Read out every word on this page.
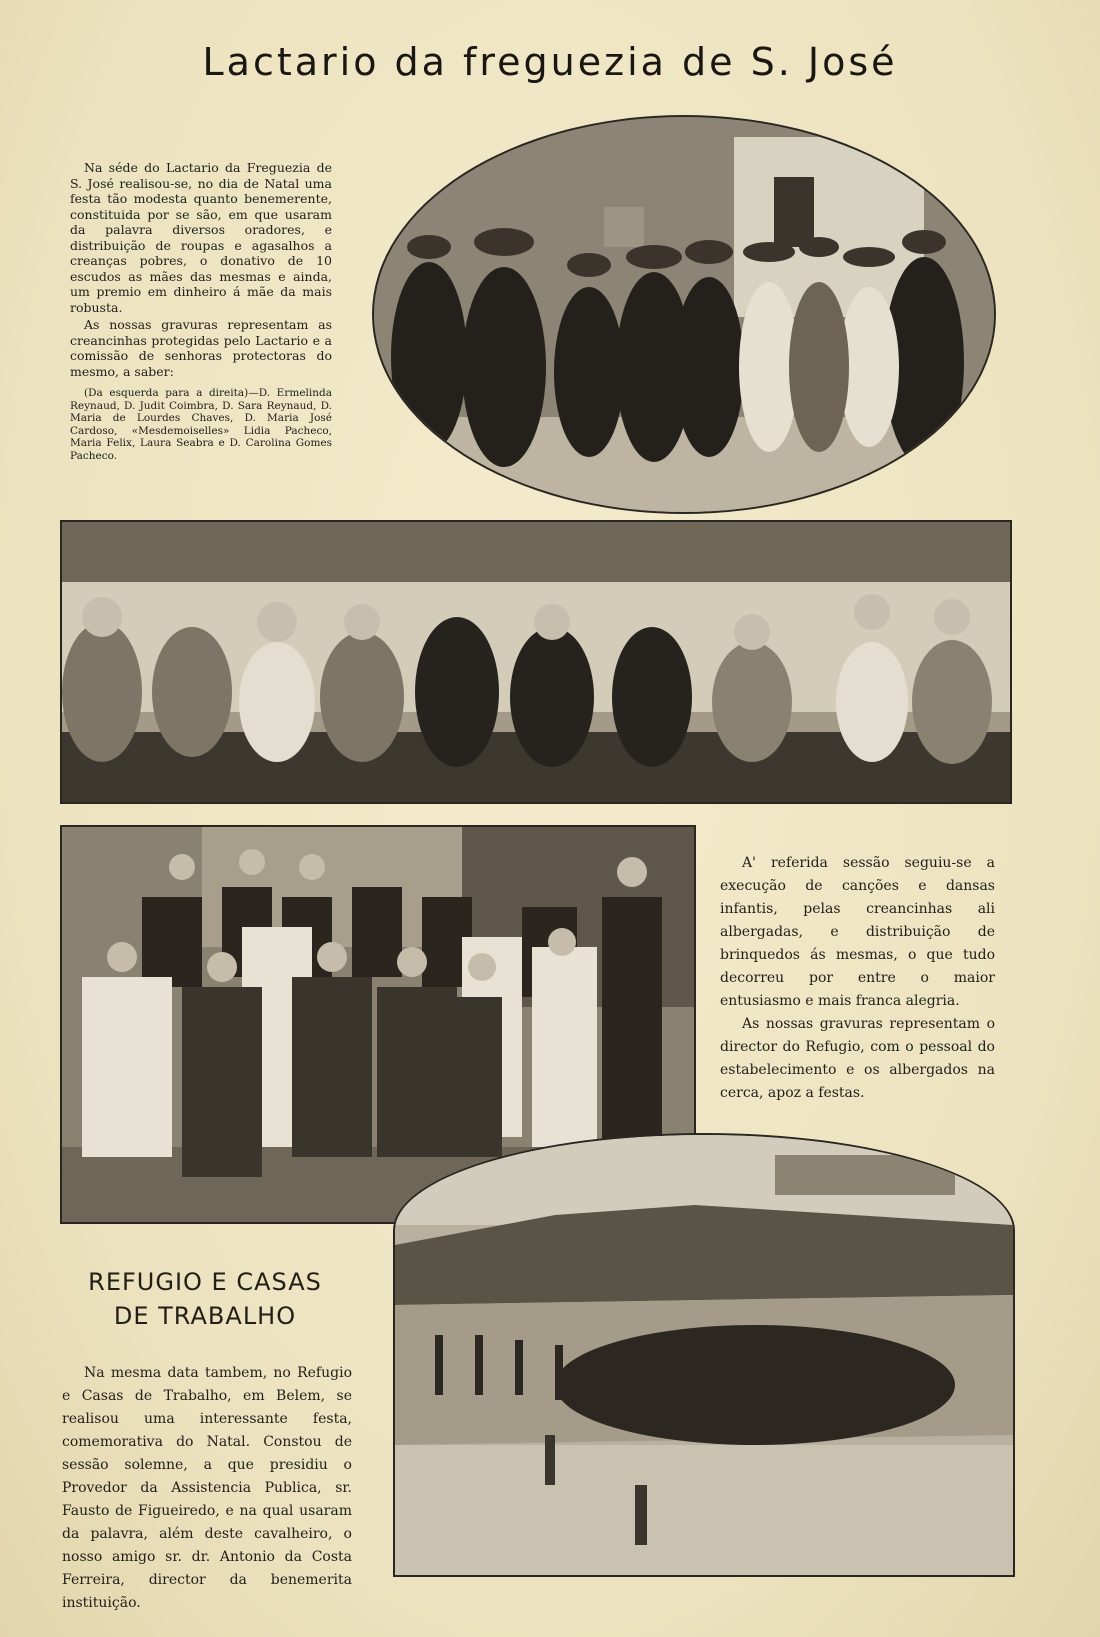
Lactario da freguezia de S. José

Na séde do Lactario da Freguezia de S. José realisou-se, no dia de Natal uma festa tão modesta quanto benemerente, constituida por se são, em que usaram da palavra diversos oradores, e distribuição de roupas e agasalhos a creanças pobres, o donativo de 10 escudos as mães das mesmas e ainda, um premio em dinheiro á mãe da mais robusta.

As nossas gravuras representam as creancinhas protegidas pelo Lactario e a comissão de senhoras protectoras do mesmo, a saber:

(Da esquerda para a direita)—D. Ermelinda Reynaud, D. Judit Coimbra, D. Sara Reynaud, D. Maria de Lourdes Chaves, D. Maria José Cardoso, «Mesdemoiselles» Lidia Pacheco, Maria Felix, Laura Seabra e D. Carolina Gomes Pacheco.

A' referida sessão seguiu-se a execução de canções e dansas infantis, pelas creancinhas ali albergadas, e distribuição de brinquedos ás mesmas, o que tudo decorreu por entre o maior entusiasmo e mais franca alegria.

As nossas gravuras representam o director do Refugio, com o pessoal do estabelecimento e os albergados na cerca, apoz a festas.

REFUGIO E CASAS
DE TRABALHO

Na mesma data tambem, no Refugio e Casas de Trabalho, em Belem, se realisou uma interessante festa, comemorativa do Natal. Constou de sessão solemne, a que presidiu o Provedor da Assistencia Publica, sr. Fausto de Figueiredo, e na qual usaram da palavra, além deste cavalheiro, o nosso amigo sr. dr. Antonio da Costa Ferreira, director da benemerita instituição.
